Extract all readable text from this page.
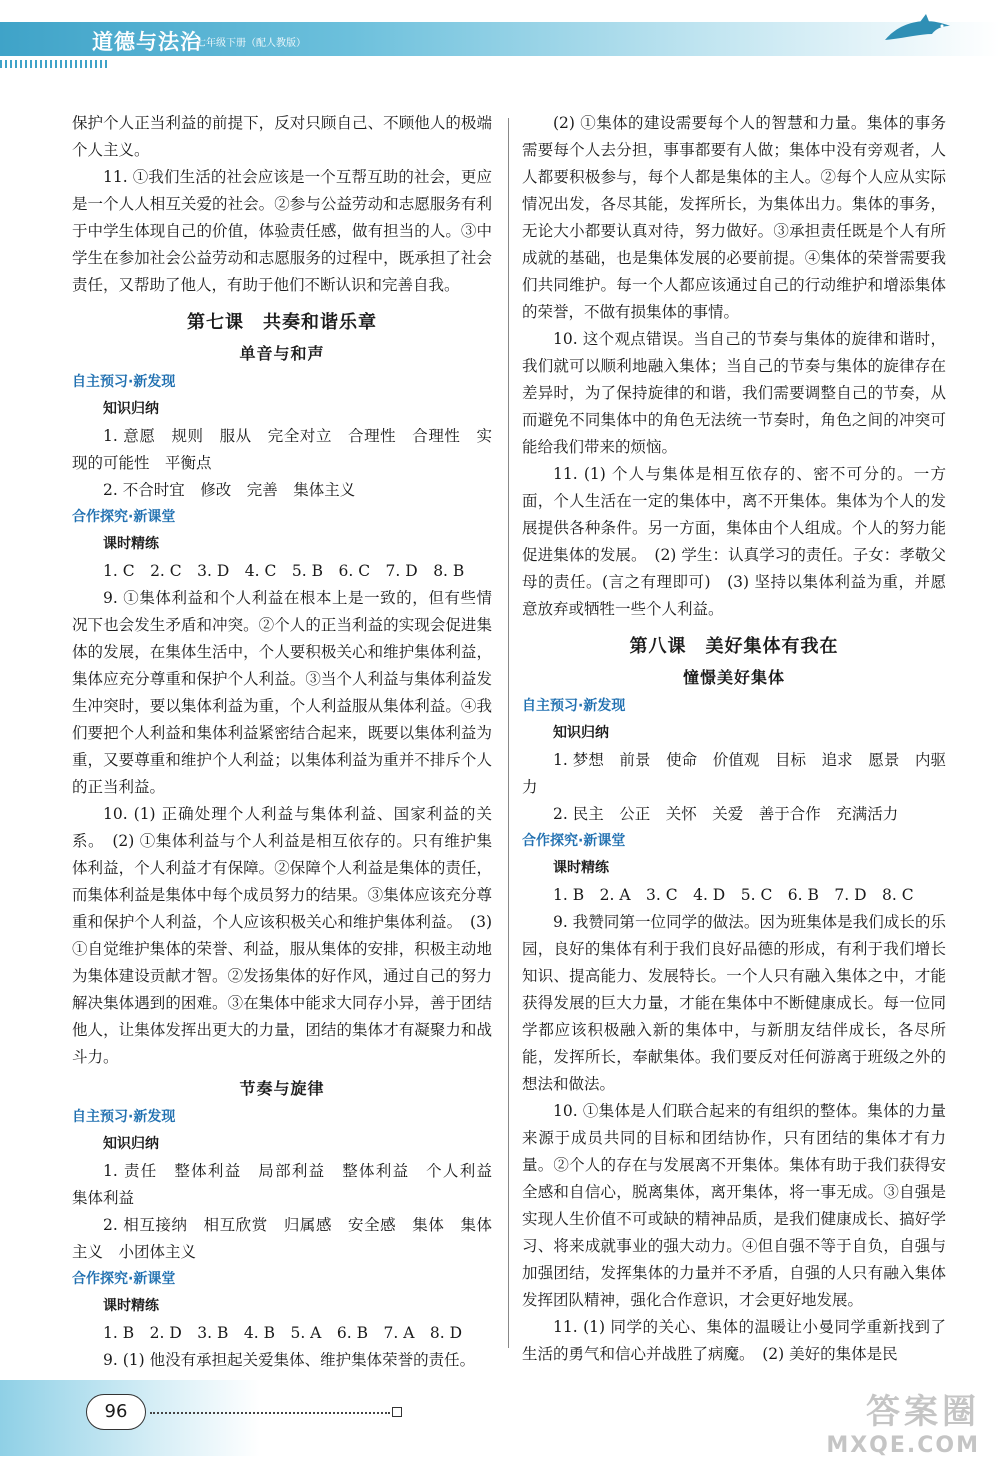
道德与法治
七年级下册（配人教版）

保护个人正当利益的前提下，反对只顾自己、不顾他人的极端个人主义。

11. ①我们生活的社会应该是一个互帮互助的社会，更应是一个人人相互关爱的社会。②参与公益劳动和志愿服务有利于中学生体现自己的价值，体验责任感，做有担当的人。③中学生在参加社会公益劳动和志愿服务的过程中，既承担了社会责任，又帮助了他人，有助于他们不断认识和完善自我。

第七课　共奏和谐乐章
单音与和声
自主预习·新发现
知识归纳

1. 意愿　规则　服从　完全对立　合理性　合理性　实现的可能性　平衡点

2. 不合时宜　修改　完善　集体主义

合作探究·新课堂
课时精练

1. C　2. C　3. D　4. C　5. B　6. C　7. D　8. B

9. ①集体利益和个人利益在根本上是一致的，但有些情况下也会发生矛盾和冲突。②个人的正当利益的实现会促进集体的发展，在集体生活中，个人要积极关心和维护集体利益，集体应充分尊重和保护个人利益。③当个人利益与集体利益发生冲突时，要以集体利益为重，个人利益服从集体利益。④我们要把个人利益和集体利益紧密结合起来，既要以集体利益为重，又要尊重和维护个人利益；以集体利益为重并不排斥个人的正当利益。

10. (1) 正确处理个人利益与集体利益、国家利益的关系。　(2) ①集体利益与个人利益是相互依存的。只有维护集体利益，个人利益才有保障。②保障个人利益是集体的责任，而集体利益是集体中每个成员努力的结果。③集体应该充分尊重和保护个人利益，个人应该积极关心和维护集体利益。　(3) ①自觉维护集体的荣誉、利益，服从集体的安排，积极主动地为集体建设贡献才智。②发扬集体的好作风，通过自己的努力解决集体遇到的困难。③在集体中能求大同存小异，善于团结他人，让集体发挥出更大的力量，团结的集体才有凝聚力和战斗力。

节奏与旋律
自主预习·新发现
知识归纳

1. 责任　整体利益　局部利益　整体利益　个人利益　集体利益

2. 相互接纳　相互欣赏　归属感　安全感　集体　集体主义　小团体主义

合作探究·新课堂
课时精练

1. B　2. D　3. B　4. B　5. A　6. B　7. A　8. D

9. (1) 他没有承担起关爱集体、维护集体荣誉的责任。

(2) ①集体的建设需要每个人的智慧和力量。集体的事务需要每个人去分担，事事都要有人做；集体中没有旁观者，人人都要积极参与，每个人都是集体的主人。②每个人应从实际情况出发，各尽其能，发挥所长，为集体出力。集体的事务，无论大小都要认真对待，努力做好。③承担责任既是个人有所成就的基础，也是集体发展的必要前提。④集体的荣誉需要我们共同维护。每一个人都应该通过自己的行动维护和增添集体的荣誉，不做有损集体的事情。

10. 这个观点错误。当自己的节奏与集体的旋律和谐时，我们就可以顺利地融入集体；当自己的节奏与集体的旋律存在差异时，为了保持旋律的和谐，我们需要调整自己的节奏，从而避免不同集体中的角色无法统一节奏时，角色之间的冲突可能给我们带来的烦恼。

11. (1) 个人与集体是相互依存的、密不可分的。一方面，个人生活在一定的集体中，离不开集体。集体为个人的发展提供各种条件。另一方面，集体由个人组成。个人的努力能促进集体的发展。　(2) 学生：认真学习的责任。子女：孝敬父母的责任。(言之有理即可)　(3) 坚持以集体利益为重，并愿意放弃或牺牲一些个人利益。

第八课　美好集体有我在
憧憬美好集体
自主预习·新发现
知识归纳

1. 梦想　前景　使命　价值观　目标　追求　愿景　内驱力

2. 民主　公正　关怀　关爱　善于合作　充满活力

合作探究·新课堂
课时精练

1. B　2. A　3. C　4. D　5. C　6. B　7. D　8. C

9. 我赞同第一位同学的做法。因为班集体是我们成长的乐园，良好的集体有利于我们良好品德的形成，有利于我们增长知识、提高能力、发展特长。一个人只有融入集体之中，才能获得发展的巨大力量，才能在集体中不断健康成长。每一位同学都应该积极融入新的集体中，与新朋友结伴成长，各尽所能，发挥所长，奉献集体。我们要反对任何游离于班级之外的想法和做法。

10. ①集体是人们联合起来的有组织的整体。集体的力量来源于成员共同的目标和团结协作，只有团结的集体才有力量。②个人的存在与发展离不开集体。集体有助于我们获得安全感和自信心，脱离集体，离开集体，将一事无成。③自强是实现人生价值不可或缺的精神品质，是我们健康成长、搞好学习、将来成就事业的强大动力。④但自强不等于自负，自强与加强团结，发挥集体的力量并不矛盾，自强的人只有融入集体发挥团队精神，强化合作意识，才会更好地发展。

11. (1) 同学的关心、集体的温暖让小曼同学重新找到了生活的勇气和信心并战胜了病魔。　(2) 美好的集体是民

96	答案圈
MXQE.COM
